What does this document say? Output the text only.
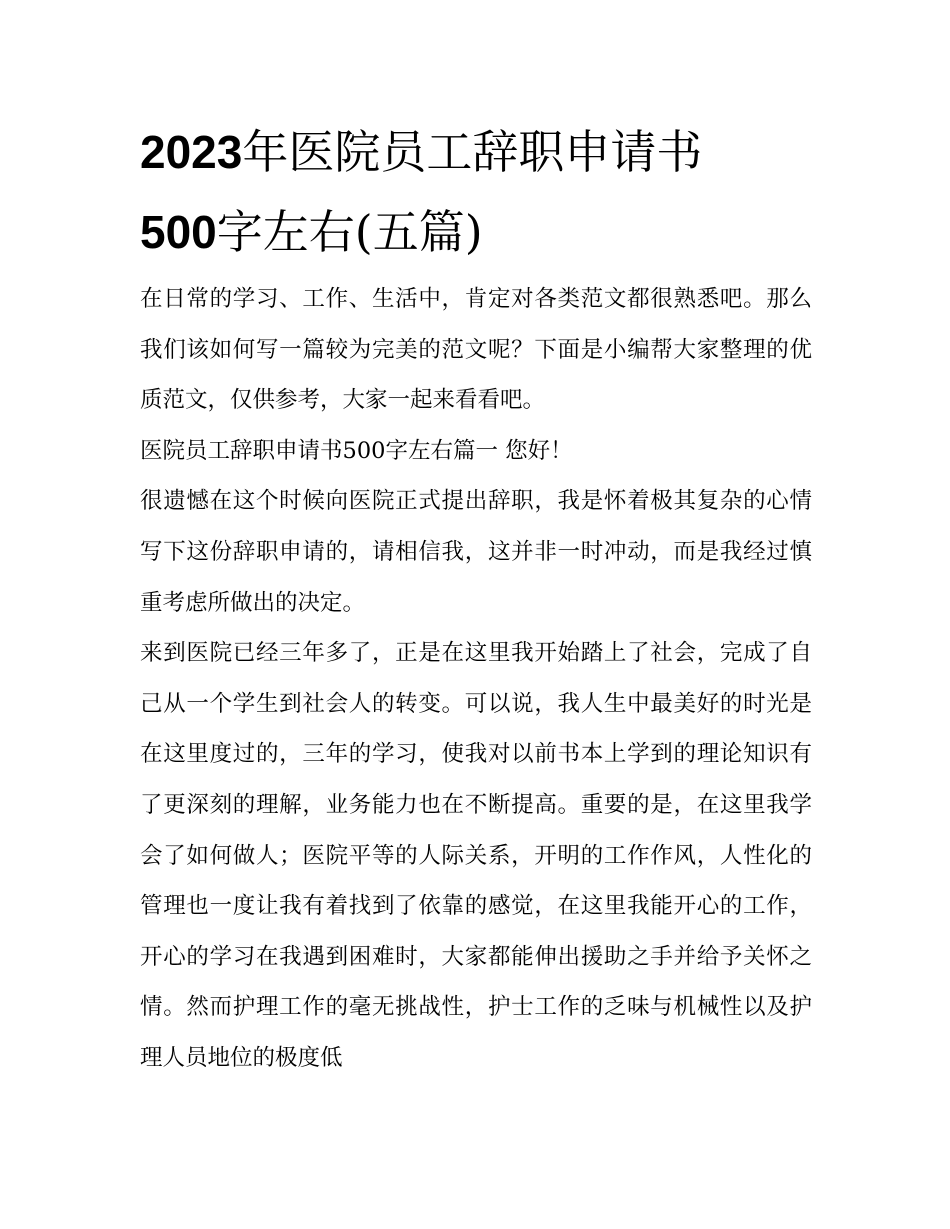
2023年医院员工辞职申请书
500字左右(五篇)

在日常的学习、工作、生活中，肯定对各类范文都很熟悉吧。那么我们该如何写一篇较为完美的范文呢？下面是小编帮大家整理的优质范文，仅供参考，大家一起来看看吧。

医院员工辞职申请书500字左右篇一 您好！

很遗憾在这个时候向医院正式提出辞职，我是怀着极其复杂的心情写下这份辞职申请的，请相信我，这并非一时冲动，而是我经过慎重考虑所做出的决定。

来到医院已经三年多了，正是在这里我开始踏上了社会，完成了自己从一个学生到社会人的转变。可以说，我人生中最美好的时光是在这里度过的，三年的学习，使我对以前书本上学到的理论知识有了更深刻的理解，业务能力也在不断提高。重要的是，在这里我学会了如何做人；医院平等的人际关系，开明的工作作风，人性化的管理也一度让我有着找到了依靠的感觉，在这里我能开心的工作，开心的学习在我遇到困难时，大家都能伸出援助之手并给予关怀之情。然而护理工作的毫无挑战性，护士工作的乏味与机械性以及护理人员地位的极度低
